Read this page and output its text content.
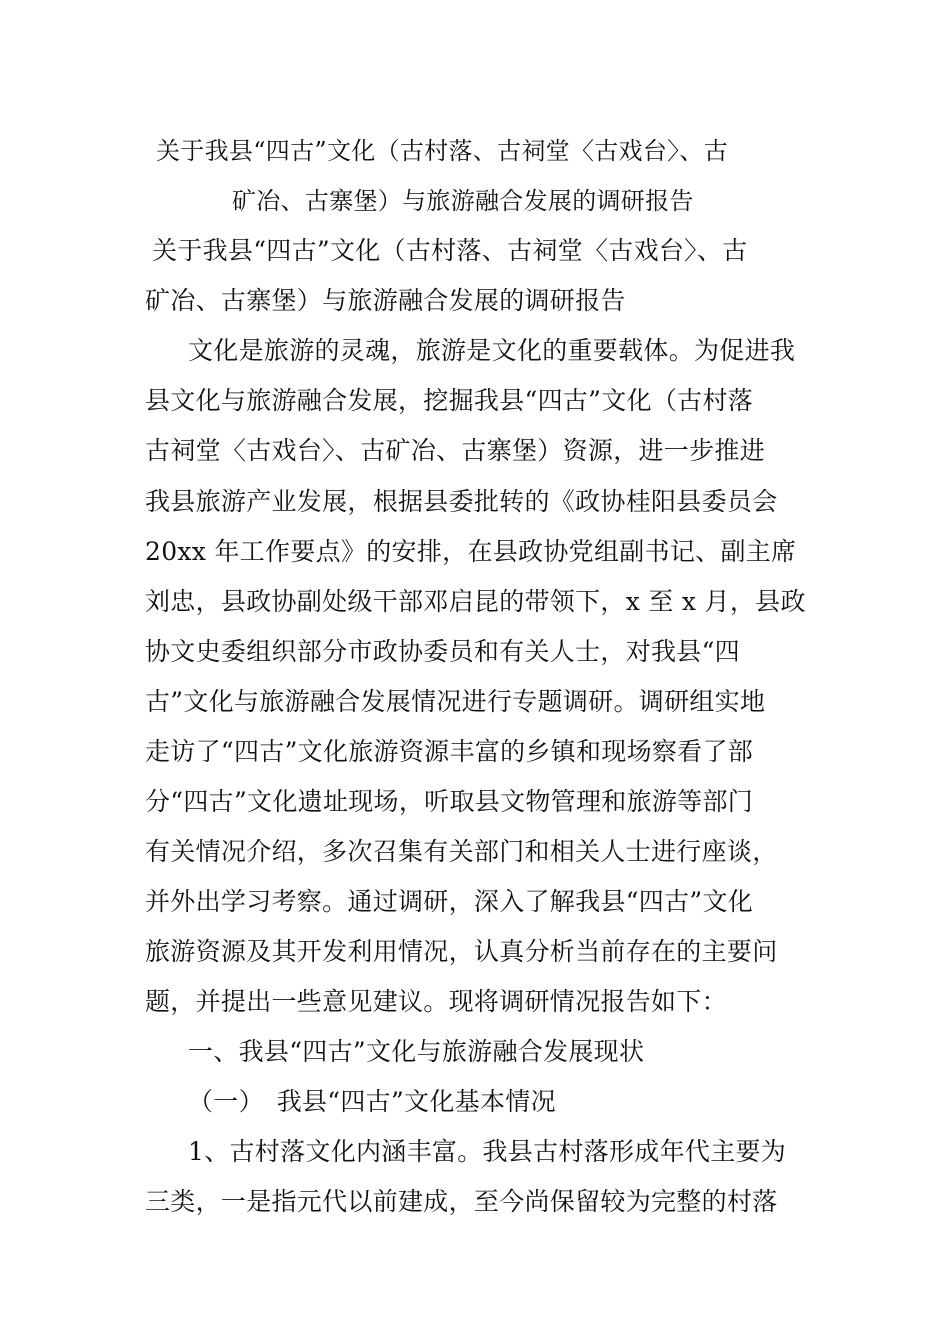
关于我县“四古”文化（古村落、古祠堂〈古戏台〉、古
矿冶、古寨堡）与旅游融合发展的调研报告
关于我县“四古”文化（古村落、古祠堂〈古戏台〉、古
矿冶、古寨堡）与旅游融合发展的调研报告
文化是旅游的灵魂，旅游是文化的重要载体。为促进我
县文化与旅游融合发展，挖掘我县“四古”文化（古村落
古祠堂〈古戏台〉、古矿冶、古寨堡）资源，进一步推进
我县旅游产业发展，根据县委批转的《政协桂阳县委员会
20xx 年工作要点》的安排，在县政协党组副书记、副主席
刘忠，县政协副处级干部邓启昆的带领下，x 至 x 月，县政
协文史委组织部分市政协委员和有关人士，对我县“四
古”文化与旅游融合发展情况进行专题调研。调研组实地
走访了“四古”文化旅游资源丰富的乡镇和现场察看了部
分“四古”文化遗址现场，听取县文物管理和旅游等部门
有关情况介绍，多次召集有关部门和相关人士进行座谈，
并外出学习考察。通过调研，深入了解我县“四古”文化
旅游资源及其开发利用情况，认真分析当前存在的主要问
题，并提出一些意见建议。现将调研情况报告如下：
一、我县“四古”文化与旅游融合发展现状
（一）　我县“四古”文化基本情况
1、古村落文化内涵丰富。我县古村落形成年代主要为
三类，一是指元代以前建成，至今尚保留较为完整的村落
